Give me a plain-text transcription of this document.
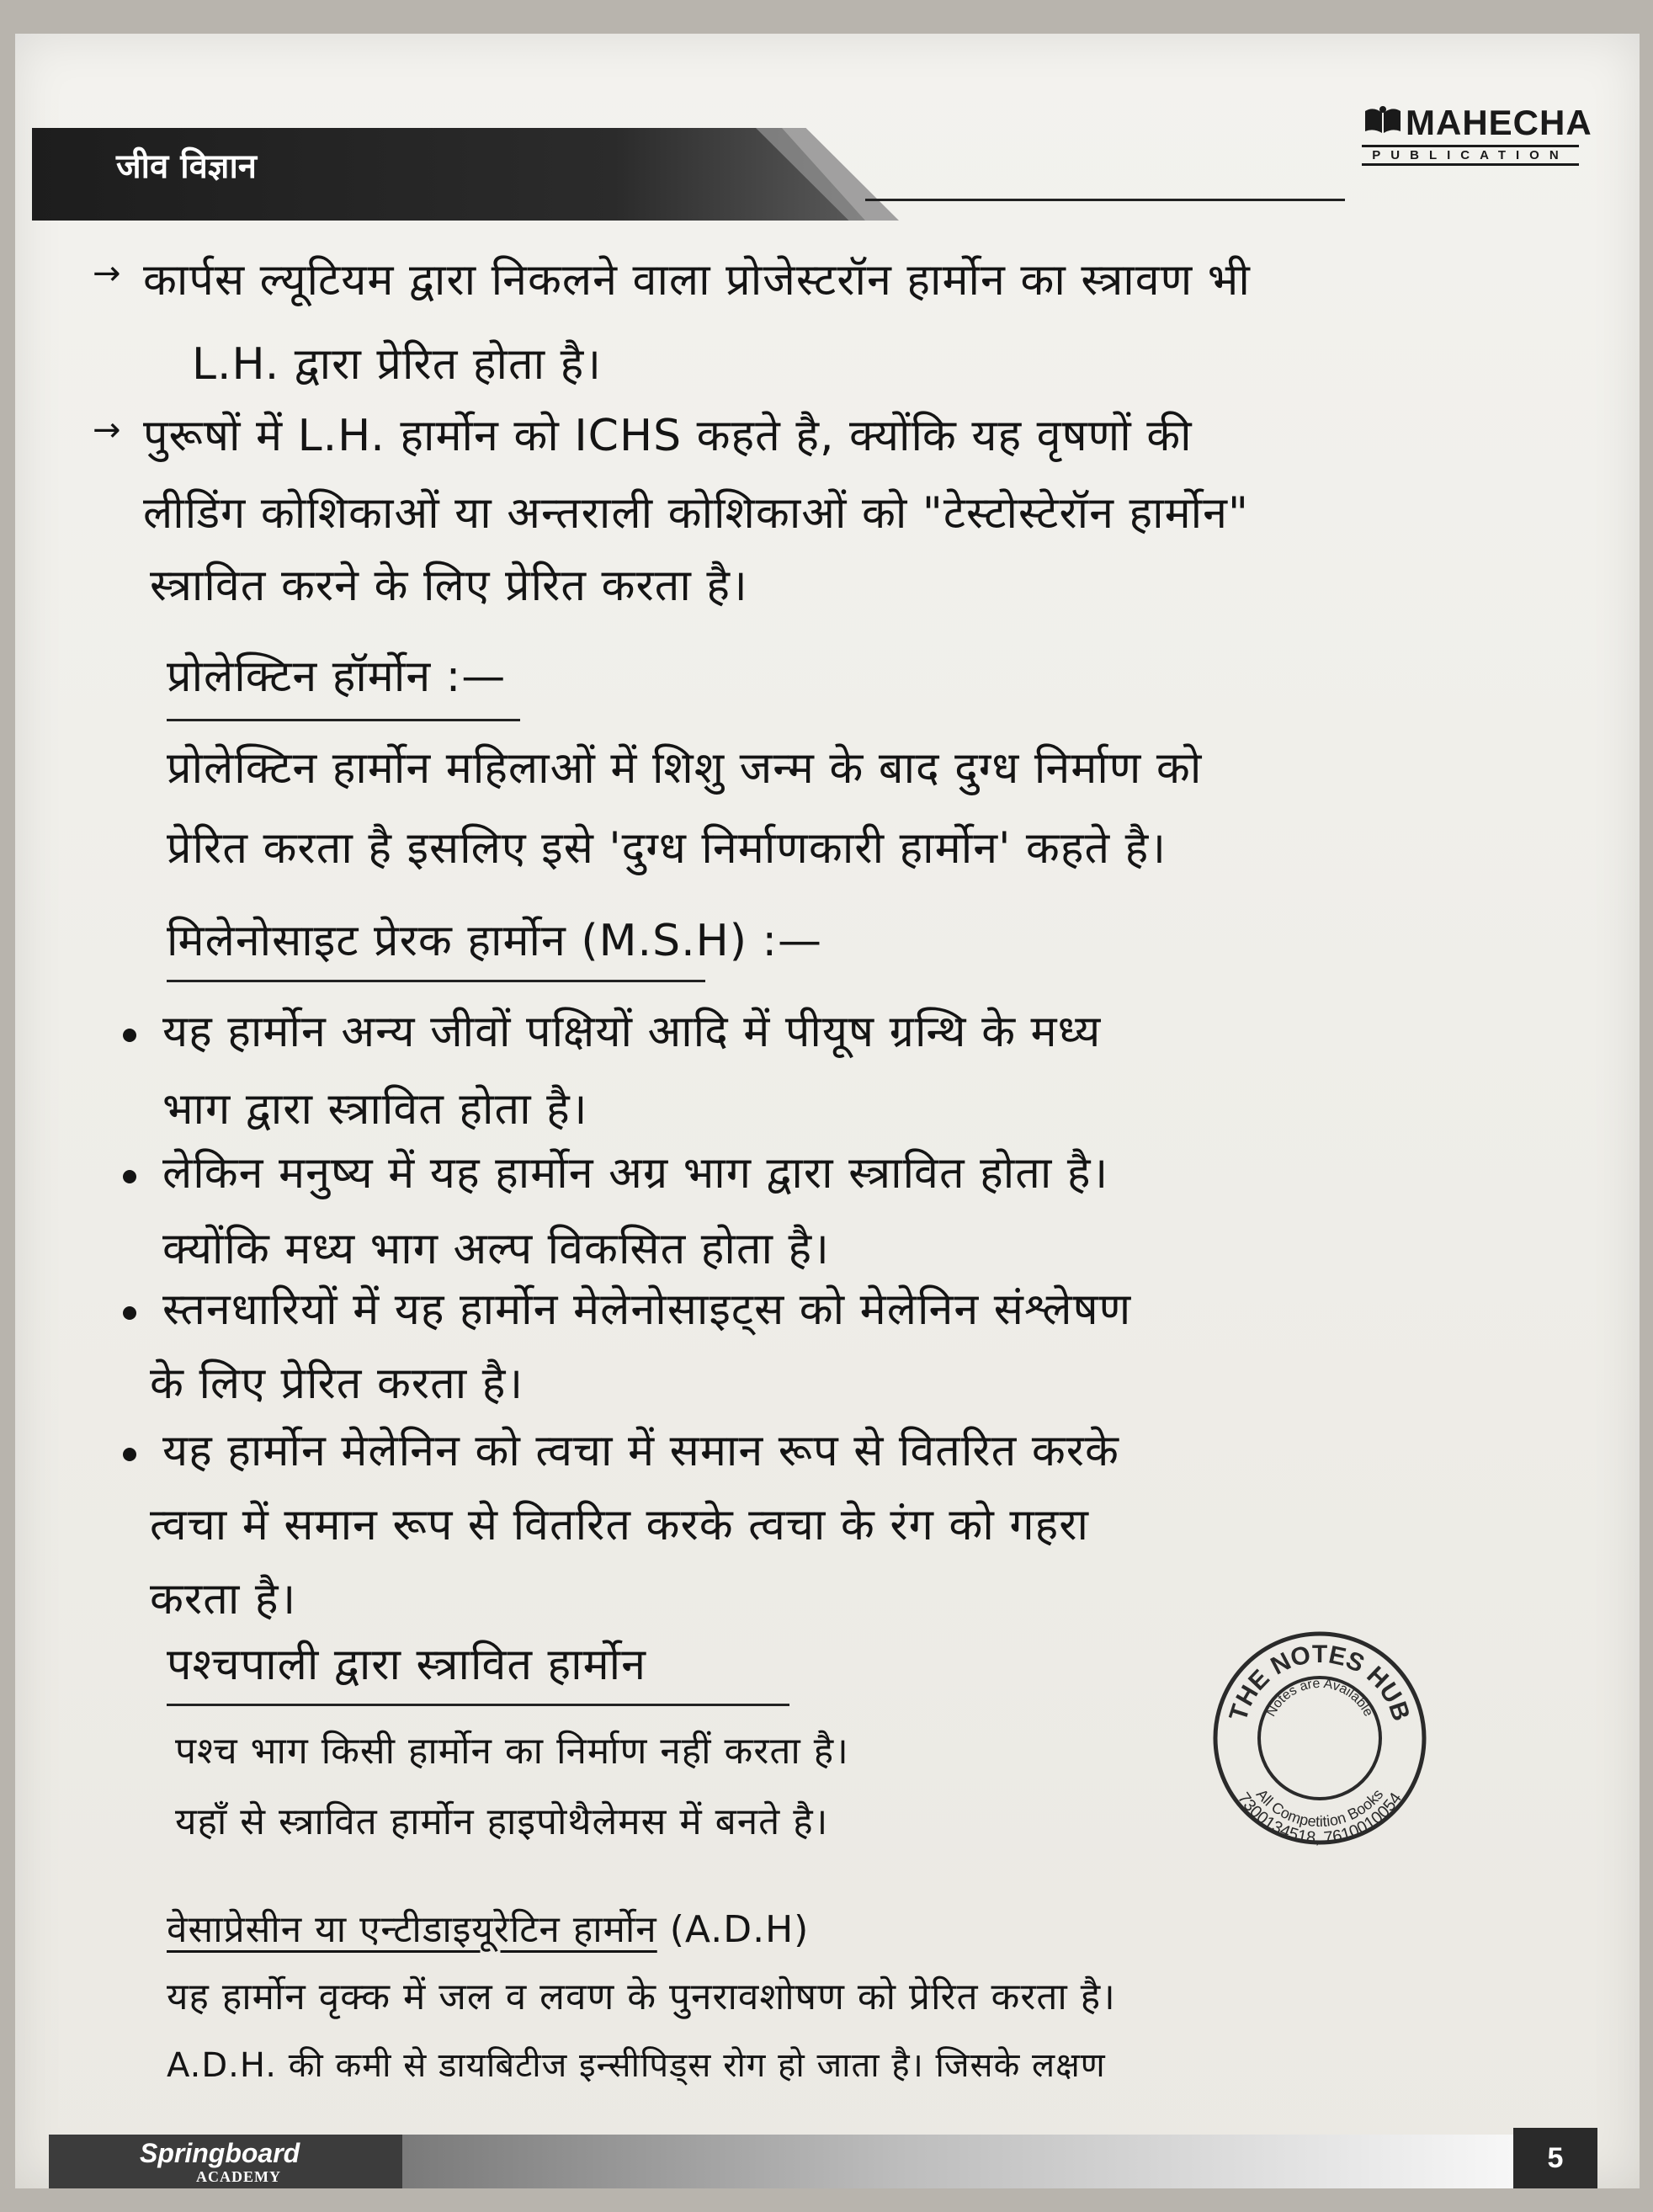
जीव विज्ञान
MAHECHA
PUBLICATION
→ कार्पस ल्यूटियम द्वारा निकलने वाला प्रोजेस्टरॉन हार्मोन का स्त्रावण भी
L.H. द्वारा प्रेरित होता है।
→ पुरूषों में L.H. हार्मोन को ICHS कहते है, क्योंकि यह वृषणों की
लीडिंग कोशिकाओं या अन्तराली कोशिकाओं को "टेस्टोस्टेरॉन हार्मोन"
स्त्रावित करने के लिए प्रेरित करता है।
प्रोलेक्टिन हॉर्मोन :—
प्रोलेक्टिन हार्मोन महिलाओं में शिशु जन्म के बाद दुग्ध निर्माण को
प्रेरित करता है इसलिए इसे 'दुग्ध निर्माणकारी हार्मोन' कहते है।
मिलेनोसाइट प्रेरक हार्मोन (M.S.H) :—
यह हार्मोन अन्य जीवों पक्षियों आदि में पीयूष ग्रन्थि के मध्य
भाग द्वारा स्त्रावित होता है।
लेकिन मनुष्य में यह हार्मोन अग्र भाग द्वारा स्त्रावित होता है।
क्योंकि मध्य भाग अल्प विकसित होता है।
स्तनधारियों में यह हार्मोन मेलेनोसाइट्स को मेलेनिन संश्लेषण
के लिए प्रेरित करता है।
यह हार्मोन मेलेनिन को त्वचा में समान रूप से वितरित करके
त्वचा में समान रूप से वितरित करके त्वचा के रंग को गहरा
करता है।
पश्चपाली द्वारा स्त्रावित हार्मोन
पश्च भाग किसी हार्मोन का निर्माण नहीं करता है।
यहाँ से स्त्रावित हार्मोन हाइपोथैलेमस में बनते है।
THE NOTES HUB
Notes are Available
All Competition Books
7300134518, 7610010054
वेसाप्रेसीन या एन्टीडाइयूरेटिन हार्मोन (A.D.H)
यह हार्मोन वृक्क में जल व लवण के पुनरावशोषण को प्रेरित करता है।
A.D.H. की कमी से डायबिटीज इन्सीपिड्स रोग हो जाता है। जिसके लक्षण
Springboard
ACADEMY
5
